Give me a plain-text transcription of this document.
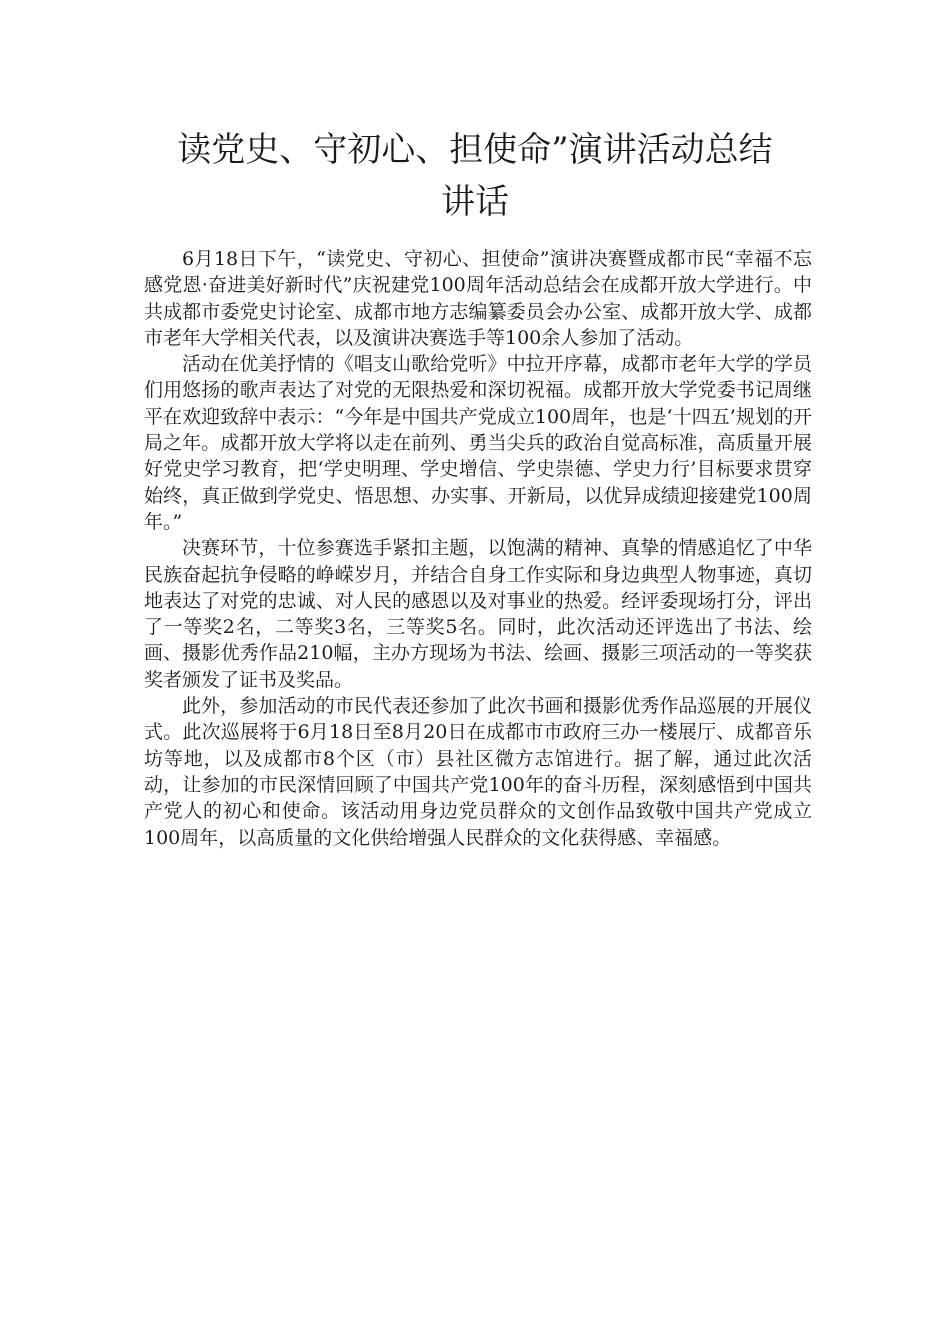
读党史、守初心、担使命”演讲活动总结
讲话

6月18日下午，“读党史、守初心、担使命”演讲决赛暨成都市民“幸福不忘感党恩·奋进美好新时代”庆祝建党100周年活动总结会在成都开放大学进行。中共成都市委党史讨论室、成都市地方志编纂委员会办公室、成都开放大学、成都市老年大学相关代表，以及演讲决赛选手等100余人参加了活动。

活动在优美抒情的《唱支山歌给党听》中拉开序幕，成都市老年大学的学员们用悠扬的歌声表达了对党的无限热爱和深切祝福。成都开放大学党委书记周继平在欢迎致辞中表示：“今年是中国共产党成立100周年，也是‘十四五’规划的开局之年。成都开放大学将以走在前列、勇当尖兵的政治自觉高标准，高质量开展好党史学习教育，把‘学史明理、学史增信、学史崇德、学史力行’目标要求贯穿始终，真正做到学党史、悟思想、办实事、开新局，以优异成绩迎接建党100周年。”

决赛环节，十位参赛选手紧扣主题，以饱满的精神、真挚的情感追忆了中华民族奋起抗争侵略的峥嵘岁月，并结合自身工作实际和身边典型人物事迹，真切地表达了对党的忠诚、对人民的感恩以及对事业的热爱。经评委现场打分，评出了一等奖2名，二等奖3名，三等奖5名。同时，此次活动还评选出了书法、绘画、摄影优秀作品210幅，主办方现场为书法、绘画、摄影三项活动的一等奖获奖者颁发了证书及奖品。

此外，参加活动的市民代表还参加了此次书画和摄影优秀作品巡展的开展仪式。此次巡展将于6月18日至8月20日在成都市市政府三办一楼展厅、成都音乐坊等地，以及成都市8个区（市）县社区微方志馆进行。据了解，通过此次活动，让参加的市民深情回顾了中国共产党100年的奋斗历程，深刻感悟到中国共产党人的初心和使命。该活动用身边党员群众的文创作品致敬中国共产党成立100周年，以高质量的文化供给增强人民群众的文化获得感、幸福感。
